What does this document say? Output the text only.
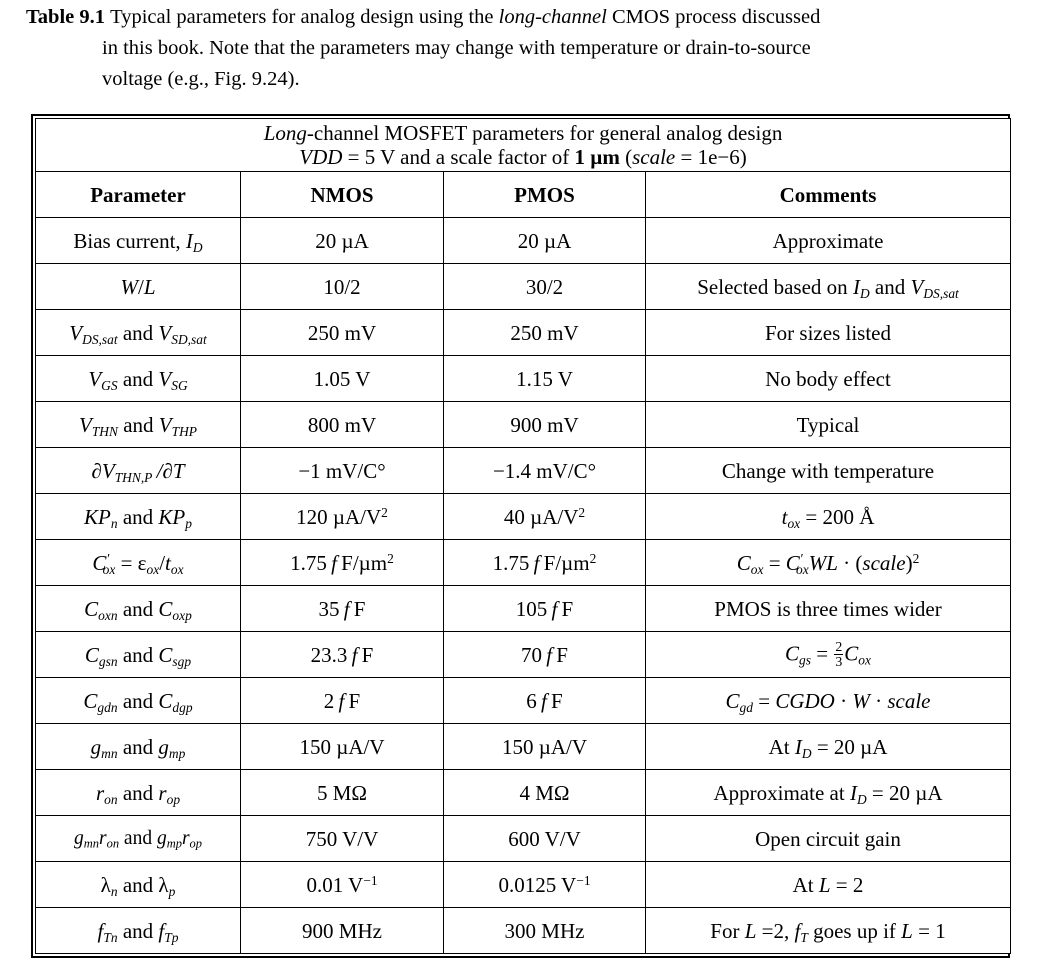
Table 9.1 Typical parameters for analog design using the long-channel CMOS process discussed
in this book. Note that the parameters may change with temperature or drain-to-source
voltage (e.g., Fig. 9.24).
Long-channel MOSFET parameters for general analog design
VDD = 5 V and a scale factor of 1 µm (scale = 1e−6)			
Parameter	NMOS	PMOS	Comments
Bias current, $I_D$	20 µA	20 µA	Approximate
W/L	10/2	30/2	Selected based on $I_D$ and $V_{DS,sat}$
$V_{DS,sat}$ and $V_{SD,sat}$	250 mV	250 mV	For sizes listed
$V_{GS}$ and $V_{SG}$	1.05 V	1.15 V	No body effect
$V_{THN}$ and $V_{THP}$	800 mV	900 mV	Typical
$\partial V_{THN,P}$ /∂T	−1 mV/C°	−1.4 mV/C°	Change with temperature
$KP_n$ and $KP_p$	120 $\mu A/V^2$	40 $\mu A/V^2$	$t_{ox} = 200$ Å
$C'_{ox} = \varepsilon_{ox}/t_{ox}$	1.75 f F/µm$^2$	1.75 f F/µm$^2$	$C_{ox} = C'_{ox}WL$ · (scale)$^2$
$C_{oxn}$ and $C_{oxp}$	35 f F	105 f F	PMOS is three times wider
$C_{gsn}$ and $C_{sgp}$	23.3 f F	70 f F	$C_{gs} = \frac{2}{3} C_{ox}$
$C_{gdn}$ and $C_{dgp}$	2 f F	6 f F	$C_{gd}$ = CGDO · W · scale
$g_{mn}$ and $g_{mp}$	150 µA/V	150 µA/V	At $I_D = 20$ µA
$r_{on}$ and $r_{op}$	5 MΩ	4 MΩ	Approximate at $I_D = 20$ µA
$g_{mn}r_{on}$ and $g_{mp}r_{op}$	750 V/V	600 V/V	Open circuit gain
$\lambda_n$ and $\lambda_p$	0.01 $V^{-1}$	0.0125 $V^{-1}$	At L = 2
$f_{Tn}$ and $f_{Tp}$	900 MHz	300 MHz	For L =2, $f_T$ goes up if L = 1
